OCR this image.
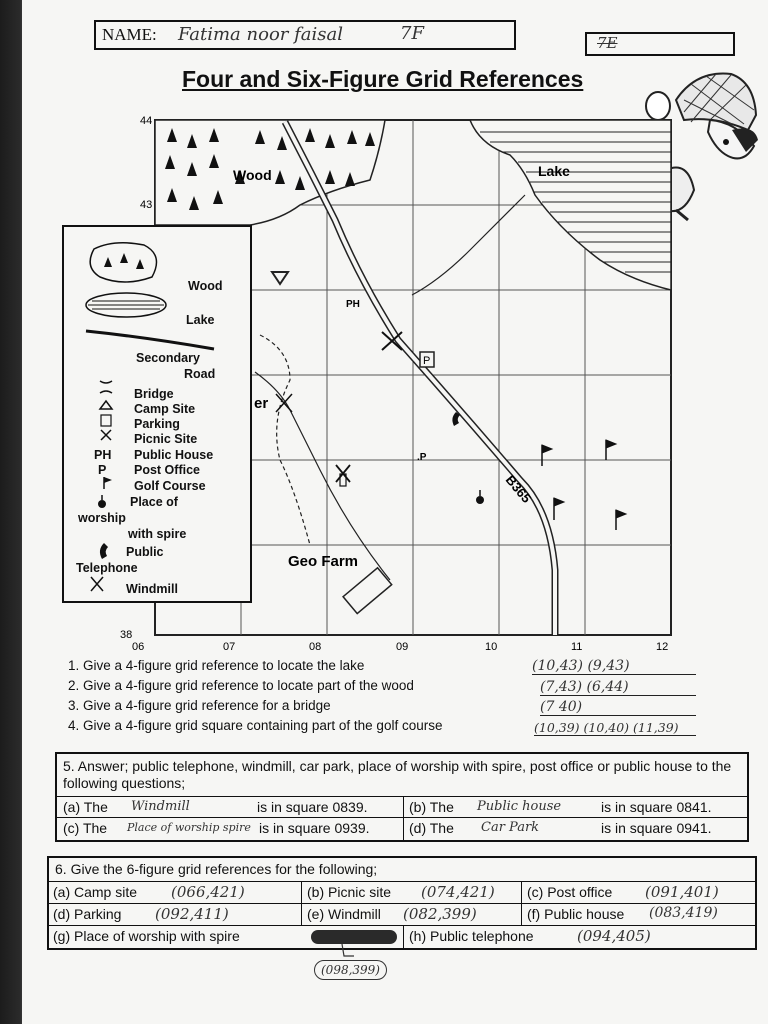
NAME: Fatima noor faisal	7F	7E
Four and Six-Figure Grid References
P
Wood	Lake
Geo Farm
PH
.P
er
B365
44
43
38
06	07	08	09	10	11	12
Wood
Lake
Secondary
Road
Bridge
Camp Site
Parking
Picnic Site
PH Public House
P Post Office
Golf Course
Place of
worship
with spire
Public
Telephone
Windmill
1. Give a 4-figure grid reference to locate the lake
2. Give a 4-figure grid reference to locate part of the wood
3. Give a 4-figure grid reference for a bridge
4. Give a 4-figure grid square containing part of the golf course
(10,43) (9,43)
(7,43) (6,44)
(7 40)
(10,39) (10,40) (11,39)
5. Answer; public telephone, windmill, car park, place of worship with spire, post office or public house to the following questions;
(a) The Windmill	is in square 0839.	(b) The Public house	is in square 0841.
(c) The Place of worship spire is in square 0939.	(d) The Car Park	is in square 0941.
6. Give the 6-figure grid references for the following;
(a) Camp site (066,421)	(b) Picnic site (074,421) (c) Post office (091,401)
(d) Parking (092,411)	(e) Windmill (082,399)	(f) Public house (083,419)
(g) Place of worship with spire	(h) Public telephone	(094,405)
(098,399)
